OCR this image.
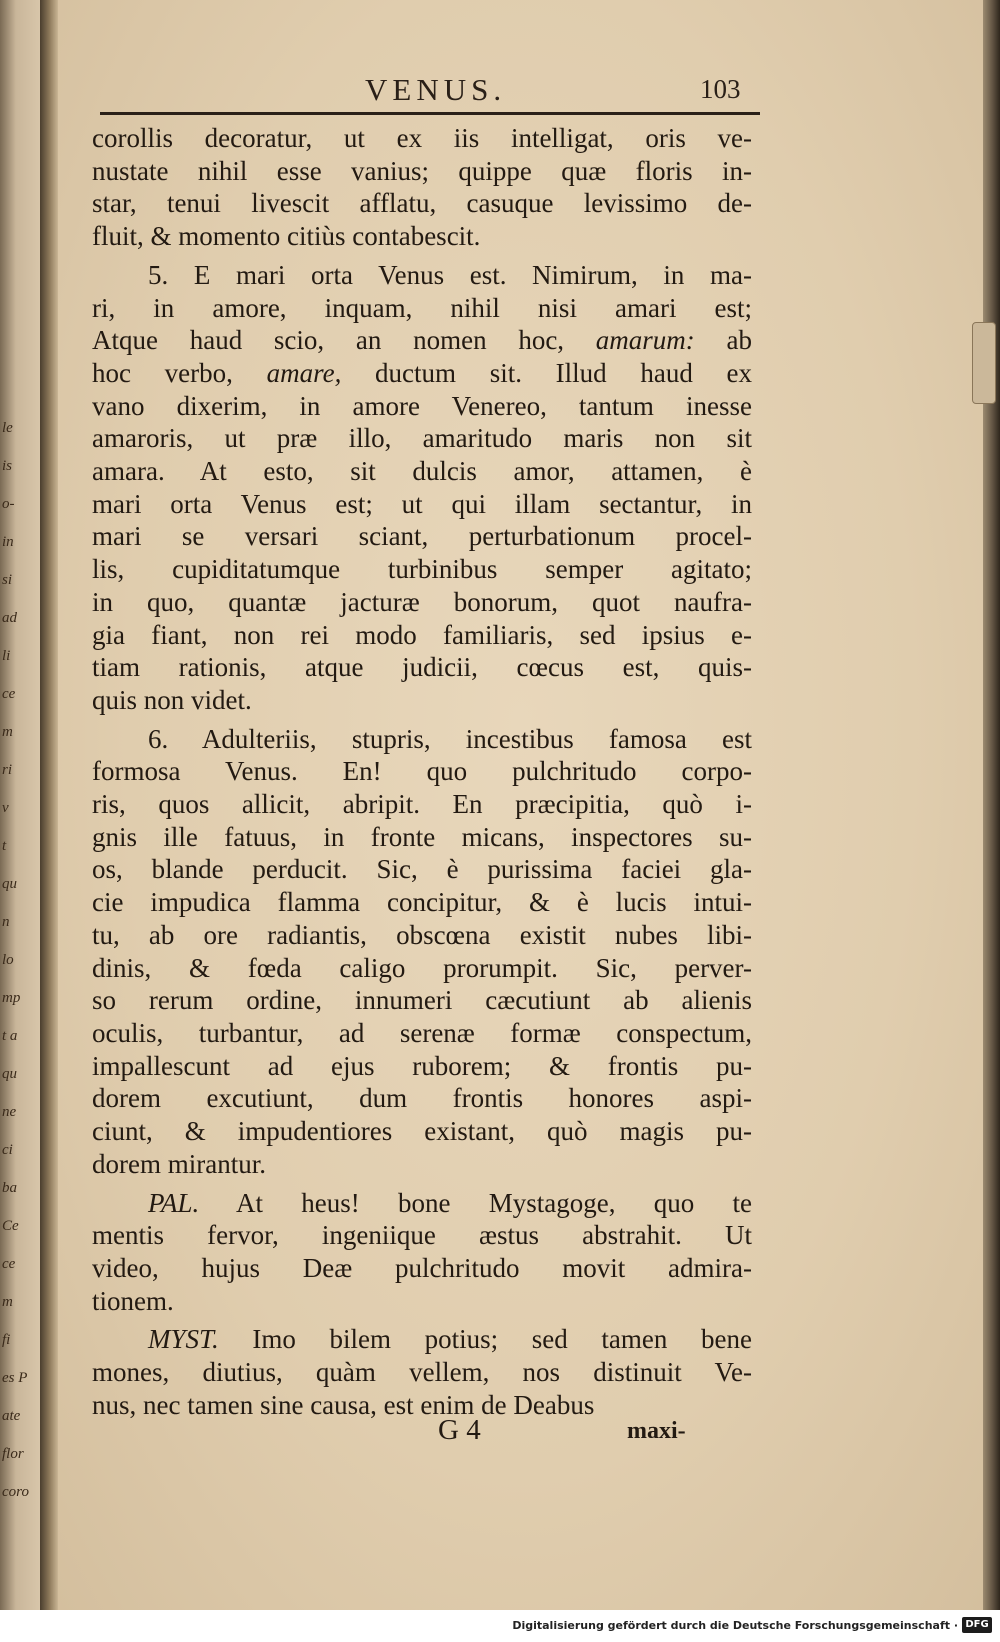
le
is
o-
in
si
ad
li
ce
m
ri
v
t
qu
n
lo
mp
t a
qu
ne
ci
ba
Ce
ce
m
fi
es P
ate
flor
coro
VENUS.	103

corollis decoratur, ut ex iis intelligat, oris ve-
nustate nihil esse vanius; quippe quæ floris in-
star, tenui livescit afflatu, casuque levissimo de-
fluit, & momento citiùs contabescit.

5. E mari orta Venus est. Nimirum, in ma-
ri, in amore, inquam, nihil nisi amari est;
Atque haud scio, an nomen hoc, amarum: ab
hoc verbo, amare, ductum sit. Illud haud ex
vano dixerim, in amore Venereo, tantum inesse
amaroris, ut præ illo, amaritudo maris non sit
amara. At esto, sit dulcis amor, attamen, è
mari orta Venus est; ut qui illam sectantur, in
mari se versari sciant, perturbationum procel-
lis, cupiditatumque turbinibus semper agitato;
in quo, quantæ jacturæ bonorum, quot naufra-
gia fiant, non rei modo familiaris, sed ipsius e-
tiam rationis, atque judicii, cœcus est, quis-
quis non videt.

6. Adulteriis, stupris, incestibus famosa est
formosa Venus. En! quo pulchritudo corpo-
ris, quos allicit, abripit. En præcipitia, quò i-
gnis ille fatuus, in fronte micans, inspectores su-
os, blande perducit. Sic, è purissima faciei gla-
cie impudica flamma concipitur, & è lucis intui-
tu, ab ore radiantis, obscœna existit nubes libi-
dinis, & fœda caligo prorumpit. Sic, perver-
so rerum ordine, innumeri cæcutiunt ab alienis
oculis, turbantur, ad serenæ formæ conspectum,
impallescunt ad ejus ruborem; & frontis pu-
dorem excutiunt, dum frontis honores aspi-
ciunt, & impudentiores existant, quò magis pu-
dorem mirantur.

PAL. At heus! bone Mystagoge, quo te
mentis fervor, ingeniique æstus abstrahit. Ut
video, hujus Deæ pulchritudo movit admira-
tionem.

MYST. Imo bilem potius; sed tamen bene
mones, diutius, quàm vellem, nos distinuit Ve-
nus, nec tamen sine causa, est enim de Deabus

G 4	maxi-
Digitalisierung gefördert durch die Deutsche Forschungsgemeinschaft · DFG
